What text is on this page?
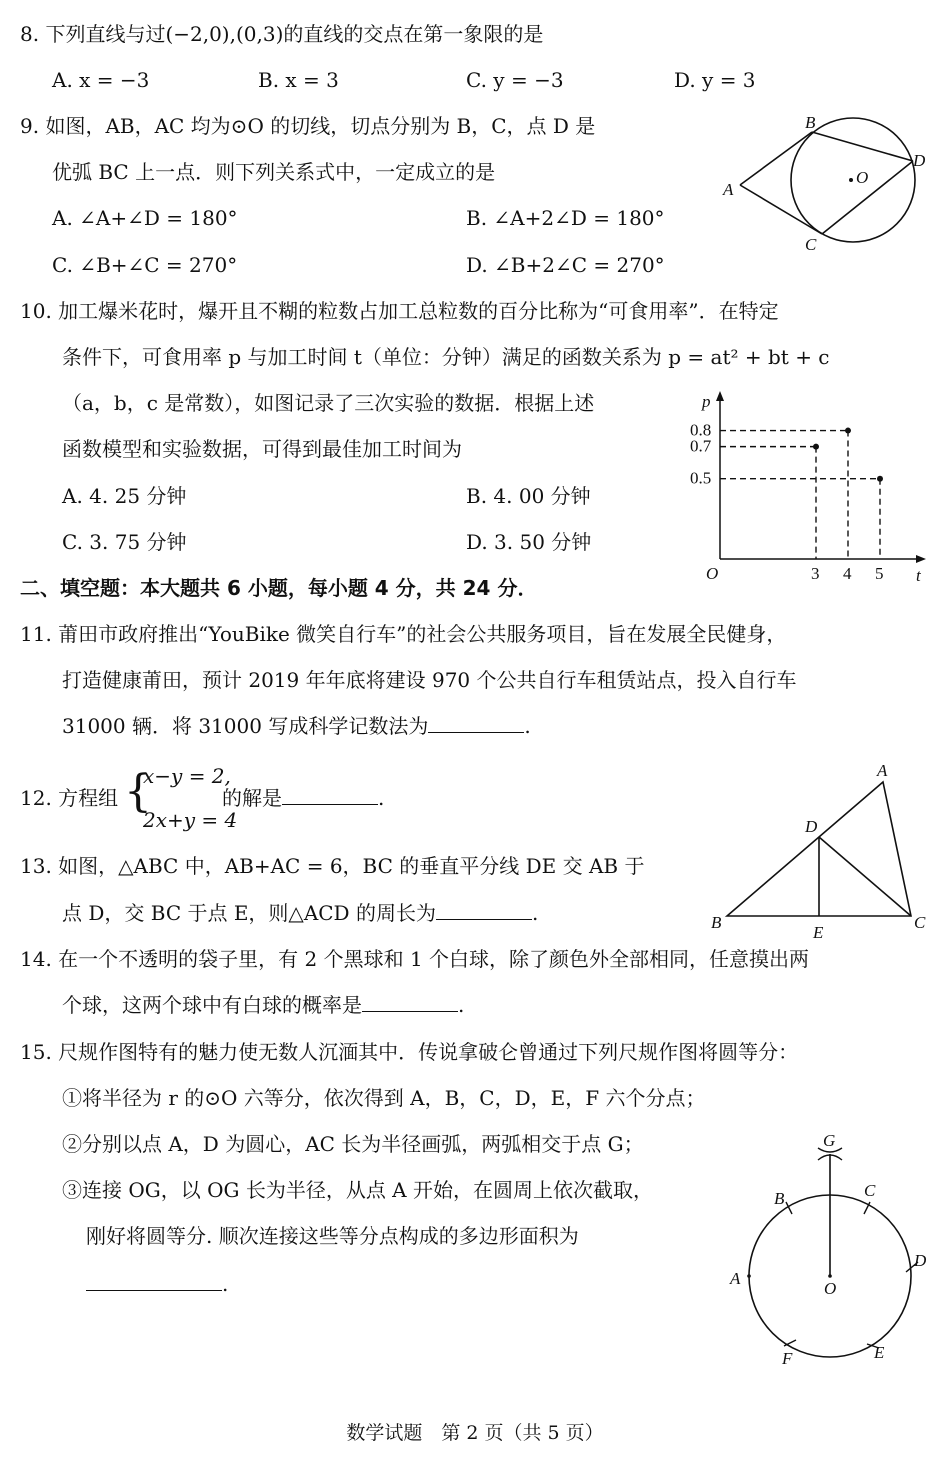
8. 下列直线与过(−2,0),(0,3)的直线的交点在第一象限的是
A. x = −3	B. x = 3	C. y = −3	D. y = 3
9. 如图，AB，AC 均为⊙O 的切线，切点分别为 B，C，点 D 是
优弧 BC 上一点．则下列关系式中，一定成立的是
A. ∠A+∠D = 180°	B. ∠A+2∠D = 180°
C. ∠B+∠C = 270°	D. ∠B+2∠C = 270°
A
B
C
D
O
10. 加工爆米花时，爆开且不糊的粒数占加工总粒数的百分比称为“可食用率”．在特定
条件下，可食用率 p 与加工时间 t（单位：分钟）满足的函数关系为 p = at² + bt + c
（a，b，c 是常数），如图记录了三次实验的数据．根据上述
函数模型和实验数据，可得到最佳加工时间为
A. 4. 25 分钟	B. 4. 00 分钟
C. 3. 75 分钟	D. 3. 50 分钟
p
t
O	3 4 5
0.8
0.7
0.5
二、填空题：本大题共 6 小题，每小题 4 分，共 24 分．
11. 莆田市政府推出“YouBike 微笑自行车”的社会公共服务项目，旨在发展全民健身，
打造健康莆田，预计 2019 年年底将建设 970 个公共自行车租赁站点，投入自行车
31000 辆．将 31000 写成科学记数法为	.
12. 方程组 {
x−y = 2,
2x+y = 4
的解是	.
13. 如图，△ABC 中，AB+AC = 6，BC 的垂直平分线 DE 交 AB 于
点 D，交 BC 于点 E，则△ACD 的周长为	.
A
B	C
D
E
14. 在一个不透明的袋子里，有 2 个黑球和 1 个白球，除了颜色外全部相同，任意摸出两
个球，这两个球中有白球的概率是	.
15. 尺规作图特有的魅力使无数人沉湎其中．传说拿破仑曾通过下列尺规作图将圆等分：
①将半径为 r 的⊙O 六等分，依次得到 A，B，C，D，E，F 六个分点；
②分别以点 A，D 为圆心，AC 长为半径画弧，两弧相交于点 G；
③连接 OG，以 OG 长为半径，从点 A 开始，在圆周上依次截取，
刚好将圆等分. 顺次连接这些等分点构成的多边形面积为
.
G
B	C
A
O
D
F	E
数学试题　第 2 页（共 5 页）
